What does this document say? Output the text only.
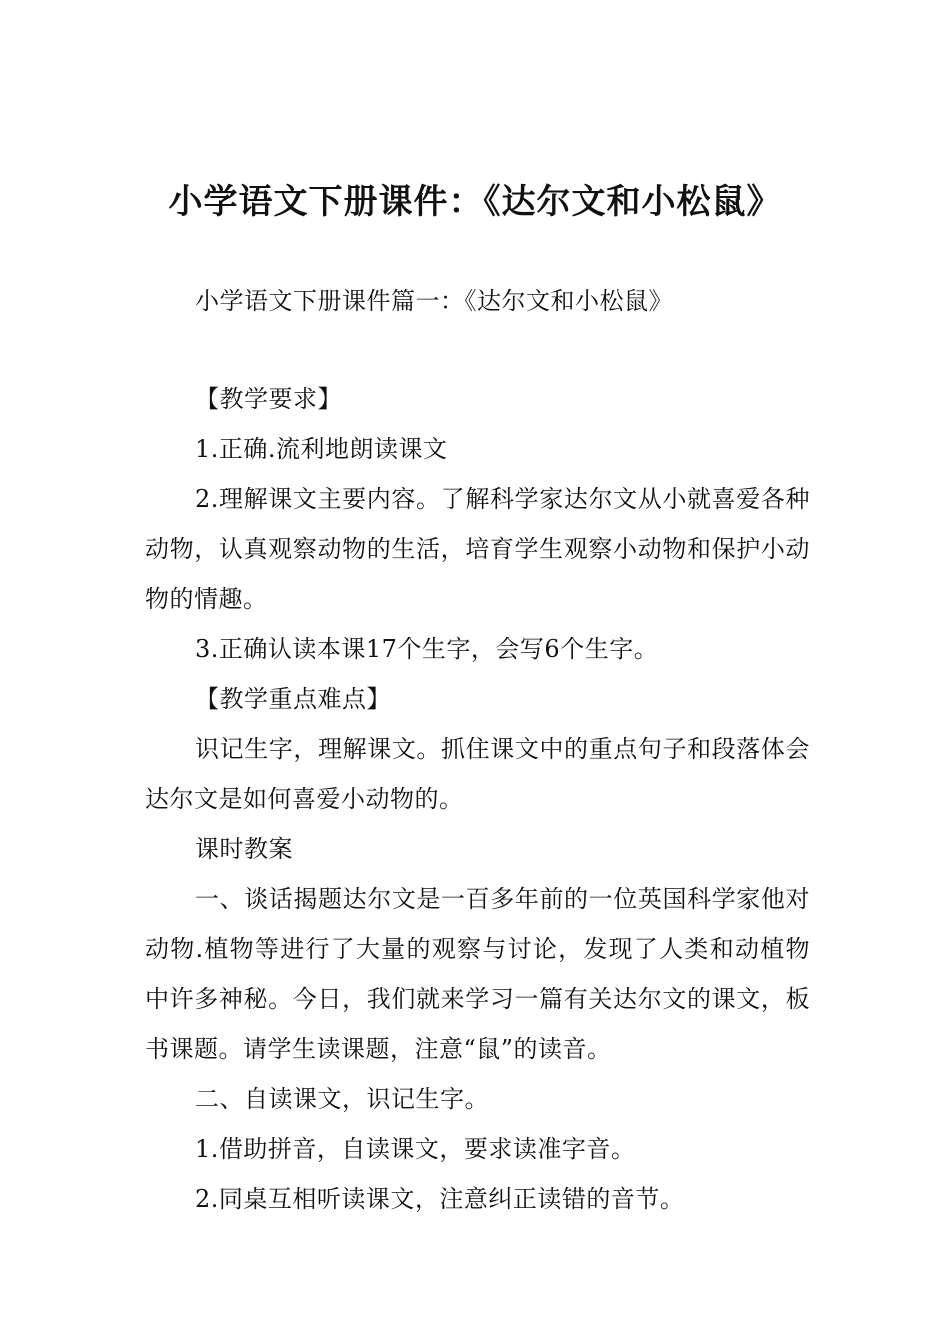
小学语文下册课件：《达尔文和小松鼠》

小学语文下册课件篇一：《达尔文和小松鼠》

【教学要求】

1.正确.流利地朗读课文

2.理解课文主要内容。了解科学家达尔文从小就喜爱各种动物，认真观察动物的生活，培育学生观察小动物和保护小动物的情趣。

3.正确认读本课17个生字，会写6个生字。

【教学重点难点】

识记生字，理解课文。抓住课文中的重点句子和段落体会达尔文是如何喜爱小动物的。

课时教案

一、谈话揭题达尔文是一百多年前的一位英国科学家他对动物.植物等进行了大量的观察与讨论，发现了人类和动植物中许多神秘。今日，我们就来学习一篇有关达尔文的课文，板书课题。请学生读课题，注意“鼠”的读音。

二、自读课文，识记生字。

1.借助拼音，自读课文，要求读准字音。

2.同桌互相听读课文，注意纠正读错的音节。
